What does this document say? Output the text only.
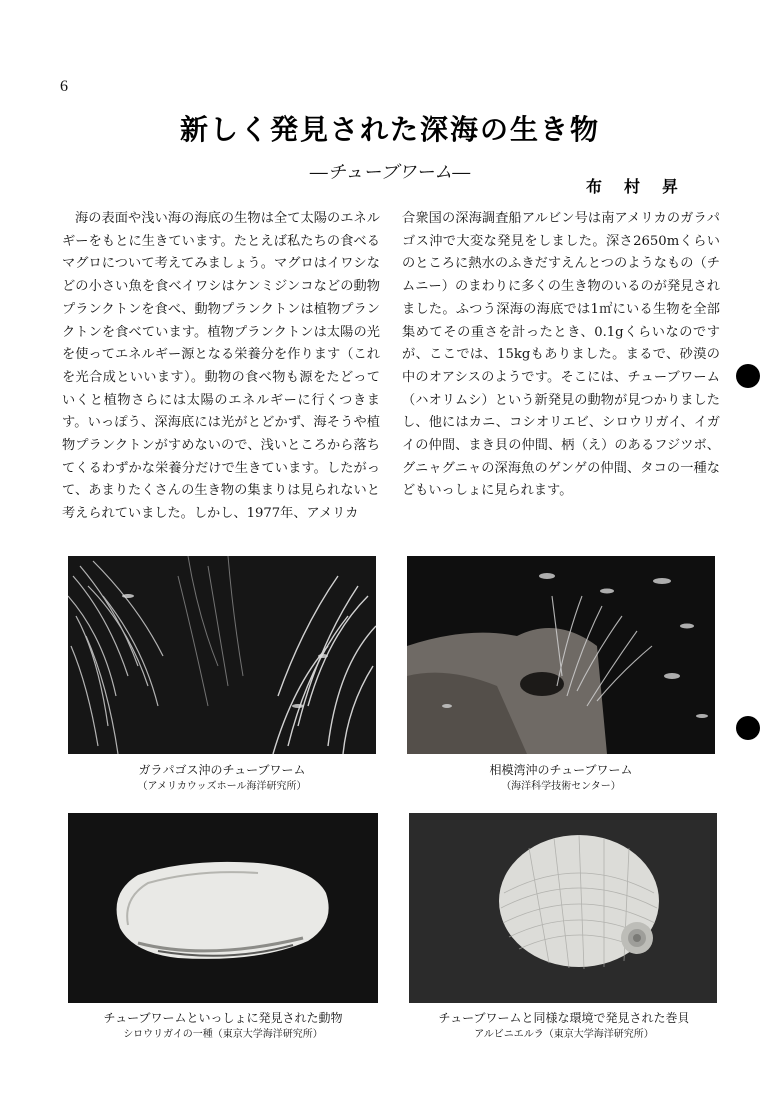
6
新しく発見された深海の生き物
―チューブワーム―
布村昇
海の表面や浅い海の海底の生物は全て太陽のエネルギーをもとに生きています。たとえば私たちの食べるマグロについて考えてみましょう。マグロはイワシなどの小さい魚を食べイワシはケンミジンコなどの動物プランクトンを食べ、動物プランクトンは植物プランクトンを食べています。植物プランクトンは太陽の光を使ってエネルギー源となる栄養分を作ります（これを光合成といいます）。動物の食べ物も源をたどっていくと植物さらには太陽のエネルギーに行くつきます。いっぽう、深海底には光がとどかず、海そうや植物プランクトンがすめないので、浅いところから落ちてくるわずかな栄養分だけで生きています。したがって、あまりたくさんの生き物の集まりは見られないと考えられていました。しかし、1977年、アメリカ
合衆国の深海調査船アルビン号は南アメリカのガラパゴス沖で大変な発見をしました。深さ2650mくらいのところに熱水のふきだすえんとつのようなもの（チムニー）のまわりに多くの生き物のいるのが発見されました。ふつう深海の海底では1㎡にいる生物を全部集めてその重さを計ったとき、0.1gくらいなのですが、ここでは、15kgもありました。まるで、砂漠の中のオアシスのようです。そこには、チューブワーム（ハオリムシ）という新発見の動物が見つかりましたし、他にはカニ、コシオリエビ、シロウリガイ、イガイの仲間、まき貝の仲間、柄（え）のあるフジツボ、グニャグニャの深海魚のゲンゲの仲間、タコの一種などもいっしょに見られます。
ガラパゴス沖のチューブワーム
（アメリカウッズホール海洋研究所）
相模湾沖のチューブワーム
（海洋科学技術センター）
チューブワームといっしょに発見された動物
シロウリガイの一種（東京大学海洋研究所）
チューブワームと同様な環境で発見された巻貝
アルビニエルラ（東京大学海洋研究所）
